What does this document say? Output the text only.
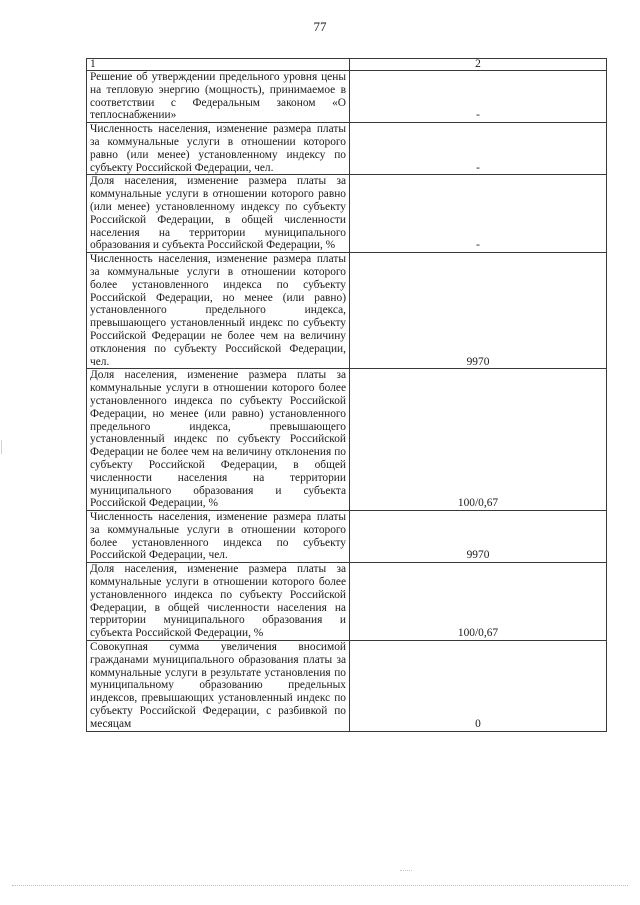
77
1	2
Решение об утверждении предельного уровня цены на тепловую энергию (мощность), принимаемое в соответствии с Федеральным законом «О теплоснабжении»	-
Численность населения, изменение размера платы за коммунальные услуги в отношении которого равно (или менее) установленному индексу по субъекту Российской Федерации, чел.	-
Доля населения, изменение размера платы за коммунальные услуги в отношении которого равно (или менее) установленному индексу по субъекту Российской Федерации, в общей численности населения на территории муниципального образования и субъекта Российской Федерации, %	-
Численность населения, изменение размера платы за коммунальные услуги в отношении которого более установленного индекса по субъекту Российской Федерации, но менее (или равно) установленного предельного индекса, превышающего установленный индекс по субъекту Российской Федерации не более чем на величину отклонения по субъекту Российской Федерации, чел.	9970
Доля населения, изменение размера платы за коммунальные услуги в отношении которого более установленного индекса по субъекту Российской Федерации, но менее (или равно) установленного предельного индекса, превышающего установленный индекс по субъекту Российской Федерации не более чем на величину отклонения по субъекту Российской Федерации, в общей численности населения на территории муниципального образования и субъекта Российской Федерации, %	100/0,67
Численность населения, изменение размера платы за коммунальные услуги в отношении которого более установленного индекса по субъекту Российской Федерации, чел.	9970
Доля населения, изменение размера платы за коммунальные услуги в отношении которого более установленного индекса по субъекту Российской Федерации, в общей численности населения на территории муниципального образования и субъекта Российской Федерации, %	100/0,67
Совокупная сумма увеличения вносимой гражданами муниципального образования платы за коммунальные услуги в результате установления по муниципальному образованию предельных индексов, превышающих установленный индекс по субъекту Российской Федерации, с разбивкой по месяцам	0
